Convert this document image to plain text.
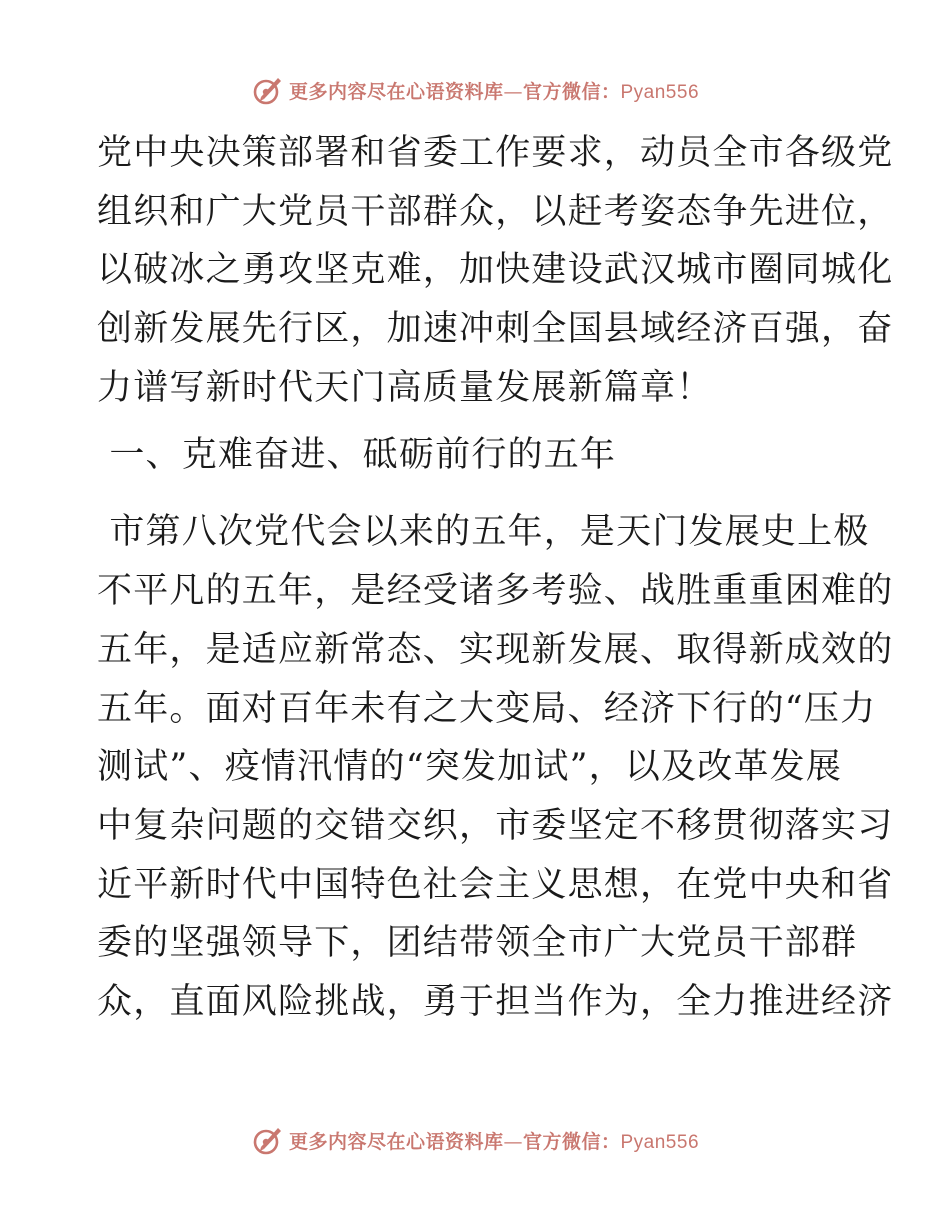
更多内容尽在心语资料库—官方微信：Pyan556
党中央决策部署和省委工作要求，动员全市各级党
组织和广大党员干部群众，以赶考姿态争先进位，
以破冰之勇攻坚克难，加快建设武汉城市圈同城化
创新发展先行区，加速冲刺全国县域经济百强，奋
力谱写新时代天门高质量发展新篇章！
一、克难奋进、砥砺前行的五年
市第八次党代会以来的五年，是天门发展史上极
不平凡的五年，是经受诸多考验、战胜重重困难的
五年，是适应新常态、实现新发展、取得新成效的
五年。面对百年未有之大变局、经济下行的“压力
测试”、疫情汛情的“突发加试”，以及改革发展
中复杂问题的交错交织，市委坚定不移贯彻落实习
近平新时代中国特色社会主义思想，在党中央和省
委的坚强领导下，团结带领全市广大党员干部群
众，直面风险挑战，勇于担当作为，全力推进经济
更多内容尽在心语资料库—官方微信：Pyan556
